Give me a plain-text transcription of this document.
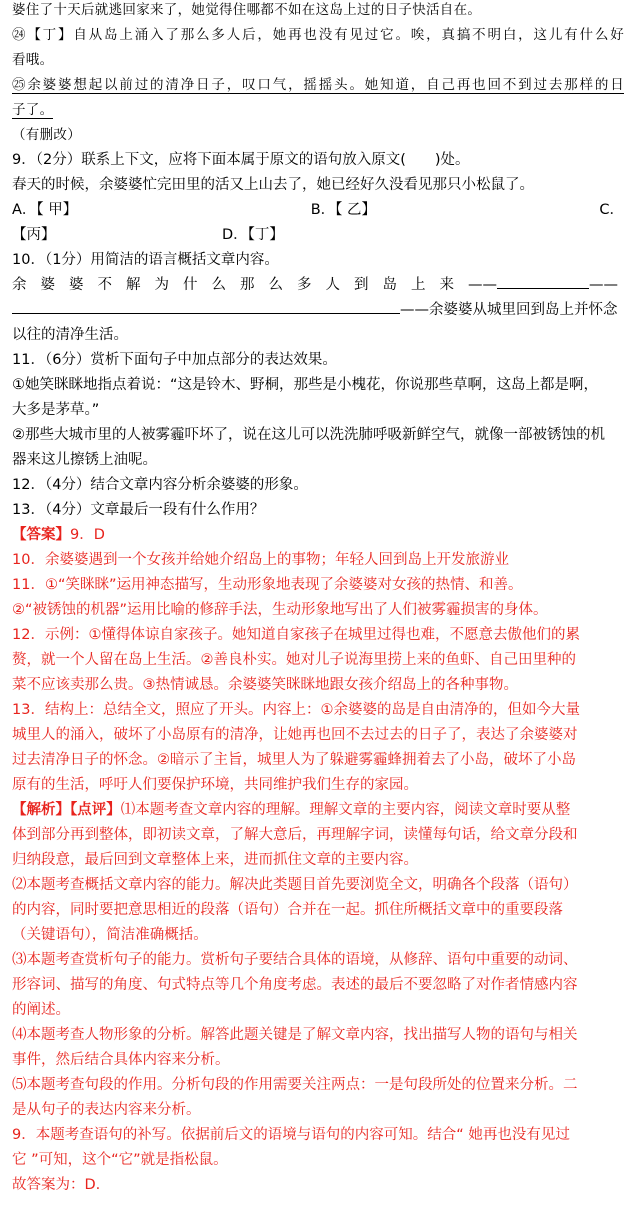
婆住了十天后就逃回家来了，她觉得住哪都不如在这岛上过的日子快活自在。
㉔【丁】自从岛上涌入了那么多人后，她再也没有见过它。唉，真搞不明白，这儿有什么好
看哦。
㉕余婆婆想起以前过的清净日子，叹口气，摇摇头。她知道，自己再也回不到过去那样的日
子了。
（有删改）
9．（2分）联系上下文，应将下面本属于原文的语句放入原文(　　)处。
春天的时候，余婆婆忙完田里的活又上山去了，她已经好久没看见那只小松鼠了。
A．【 甲】	B．【 乙】	C．
【丙】	D．【丁】
10．（1分）用简洁的语言概括文章内容。
余婆婆不解为什么那么多人到岛上来——	——
——余婆婆从城里回到岛上并怀念
以往的清净生活。
11．（6分）赏析下面句子中加点部分的表达效果。
①她笑眯眯地指点着说：“这是铃木、野桐，那些是小槐花，你说那些草啊，这岛上都是啊，
大多是茅草。”
②那些大城市里的人被雾霾吓坏了，说在这儿可以洗洗肺呼吸新鲜空气，就像一部被锈蚀的机
器来这儿擦锈上油呢。
12．（4分）结合文章内容分析余婆婆的形象。
13．（4分）文章最后一段有什么作用？
【答案】9．D
10．余婆婆遇到一个女孩并给她介绍岛上的事物；年轻人回到岛上开发旅游业
11．①“笑眯眯”运用神态描写，生动形象地表现了余婆婆对女孩的热情、和善。
②“被锈蚀的机器”运用比喻的修辞手法，生动形象地写出了人们被雾霾损害的身体。
12．示例：①懂得体谅自家孩子。她知道自家孩子在城里过得也难，不愿意去傲他们的累
赘，就一个人留在岛上生活。②善良朴实。她对儿子说海里捞上来的鱼虾、自己田里种的
菜不应该卖那么贵。③热情诚恳。余婆婆笑眯眯地跟女孩介绍岛上的各种事物。
13．结构上：总结全文，照应了开头。内容上：①余婆婆的岛是自由清净的，但如今大量
城里人的涌入，破坏了小岛原有的清净，让她再也回不去过去的日子了，表达了余婆婆对
过去清净日子的怀念。②暗示了主旨，城里人为了躲避雾霾蜂拥着去了小岛，破坏了小岛
原有的生活，呼吁人们要保护环境，共同维护我们生存的家园。
【解析】【点评】⑴本题考查文章内容的理解。理解文章的主要内容，阅读文章时要从整
体到部分再到整体，即初读文章，了解大意后，再理解字词，读懂每句话，给文章分段和
归纳段意，最后回到文章整体上来，进而抓住文章的主要内容。
⑵本题考查概括文章内容的能力。解决此类题目首先要浏览全文，明确各个段落（语句）
的内容，同时要把意思相近的段落（语句）合并在一起。抓住所概括文章中的重要段落
（关键语句），简洁准确概括。
⑶本题考查赏析句子的能力。赏析句子要结合具体的语境，从修辞、语句中重要的动词、
形容词、描写的角度、句式特点等几个角度考虑。表述的最后不要忽略了对作者情感内容
的阐述。
⑷本题考查人物形象的分析。解答此题关键是了解文章内容，找出描写人物的语句与相关
事件，然后结合具体内容来分析。
⑸本题考查句段的作用。分析句段的作用需要关注两点：一是句段所处的位置来分析。二
是从句子的表达内容来分析。
9．本题考查语句的补写。依据前后文的语境与语句的内容可知。结合“ 她再也没有见过
它 ”可知，这个“它”就是指松鼠。
故答案为：D.
